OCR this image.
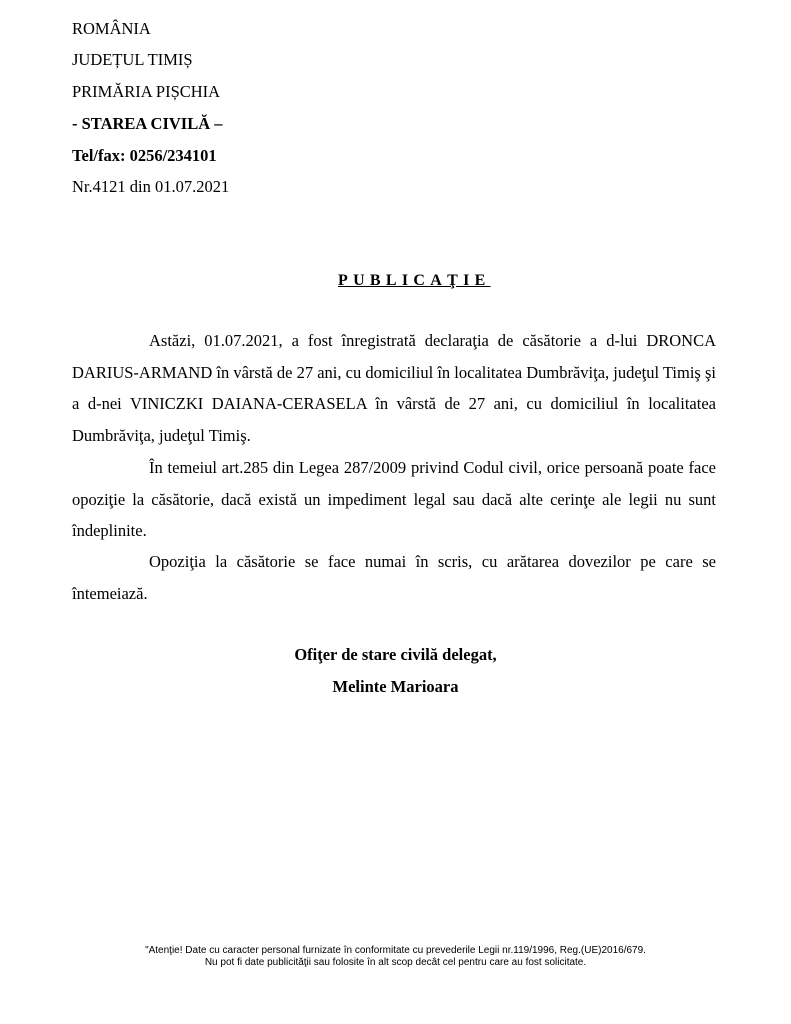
ROMÂNIA
JUDEȚUL TIMIȘ
PRIMĂRIA PIȘCHIA
- STAREA CIVILĂ –
Tel/fax: 0256/234101
Nr.4121 din 01.07.2021
PUBLICAŢIE

Astăzi, 01.07.2021, a fost înregistrată declaraţia de căsătorie a d-lui DRONCA DARIUS-ARMAND în vârstă de 27 ani, cu domiciliul în localitatea Dumbrăviţa, judeţul Timiş şi a d-nei VINICZKI DAIANA-CERASELA în vârstă de 27 ani, cu domiciliul în localitatea Dumbrăviţa, judeţul Timiş.

În temeiul art.285 din Legea 287/2009 privind Codul civil, orice persoană poate face opoziţie la căsătorie, dacă există un impediment legal sau dacă alte cerinţe ale legii nu sunt îndeplinite.

Opoziţia la căsătorie se face numai în scris, cu arătarea dovezilor pe care se întemeiază.

Ofiţer de stare civilă delegat,
Melinte Marioara
"Atenţie! Date cu caracter personal furnizate în conformitate cu prevederile Legii nr.119/1996, Reg.(UE)2016/679.
Nu pot fi date publicităţii sau folosite în alt scop decât cel pentru care au fost solicitate.
